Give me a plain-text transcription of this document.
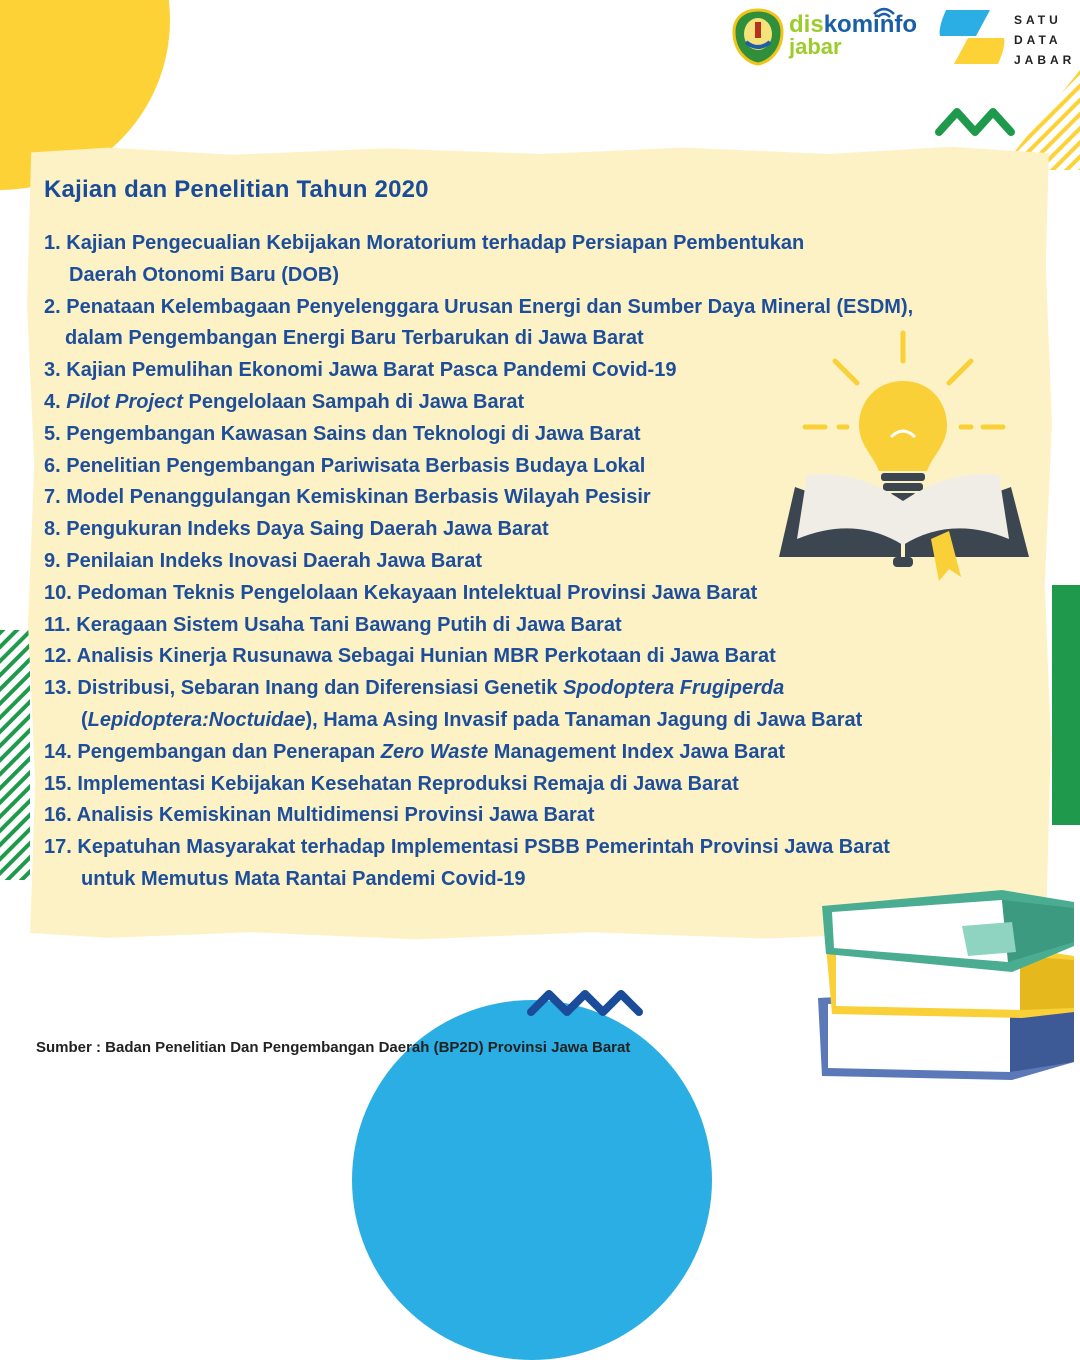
diskominfo
jabar
SATU
DATA
JABAR
Kajian dan Penelitian Tahun 2020
1. Kajian Pengecualian Kebijakan Moratorium terhadap Persiapan Pembentukan
Daerah Otonomi Baru (DOB)
2. Penataan Kelembagaan Penyelenggara Urusan Energi dan Sumber Daya Mineral (ESDM),
dalam Pengembangan Energi Baru Terbarukan di Jawa Barat
3. Kajian Pemulihan Ekonomi Jawa Barat Pasca Pandemi Covid-19
4. Pilot Project Pengelolaan Sampah di Jawa Barat
5. Pengembangan Kawasan Sains dan Teknologi di Jawa Barat
6. Penelitian Pengembangan Pariwisata Berbasis Budaya Lokal
7. Model Penanggulangan Kemiskinan Berbasis Wilayah Pesisir
8. Pengukuran Indeks Daya Saing Daerah Jawa Barat
9. Penilaian Indeks Inovasi Daerah Jawa Barat
10. Pedoman Teknis Pengelolaan Kekayaan Intelektual Provinsi Jawa Barat
11. Keragaan Sistem Usaha Tani Bawang Putih di Jawa Barat
12. Analisis Kinerja Rusunawa Sebagai Hunian MBR Perkotaan di Jawa Barat
13. Distribusi, Sebaran Inang dan Diferensiasi Genetik Spodoptera Frugiperda
(Lepidoptera:Noctuidae), Hama Asing Invasif pada Tanaman Jagung di Jawa Barat
14. Pengembangan dan Penerapan Zero Waste Management Index Jawa Barat
15. Implementasi Kebijakan Kesehatan Reproduksi Remaja di Jawa Barat
16. Analisis Kemiskinan Multidimensi Provinsi Jawa Barat
17. Kepatuhan Masyarakat terhadap Implementasi PSBB Pemerintah Provinsi Jawa Barat
untuk Memutus Mata Rantai Pandemi Covid-19
Sumber : Badan Penelitian Dan Pengembangan Daerah (BP2D) Provinsi Jawa Barat
